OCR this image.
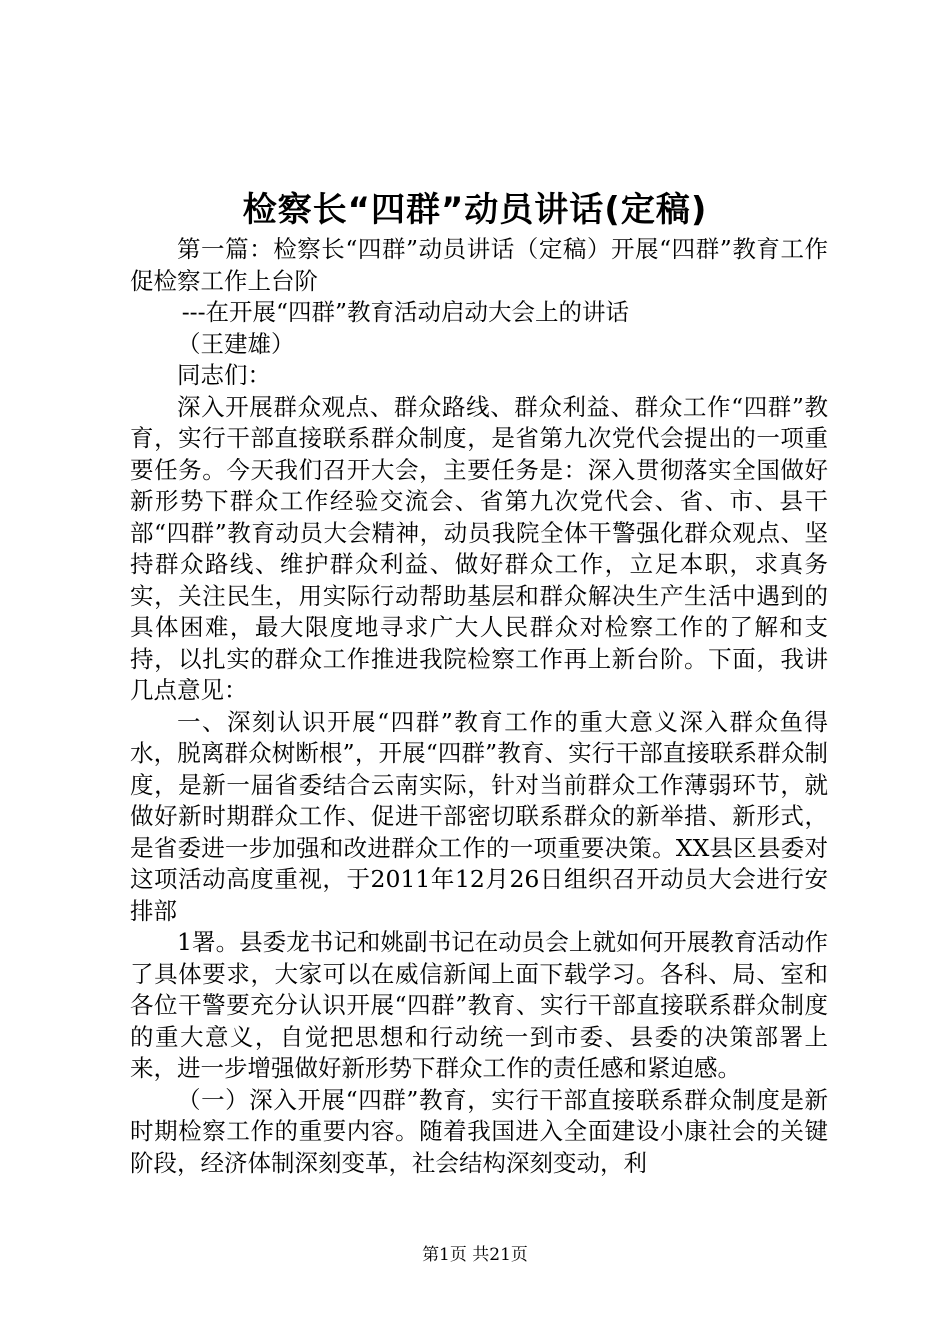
检察长“四群”动员讲话(定稿)

第一篇：检察长“四群”动员讲话（定稿）开展“四群”教育工作促检察工作上台阶

---在开展“四群”教育活动启动大会上的讲话

（王建雄）

同志们：

深入开展群众观点、群众路线、群众利益、群众工作“四群”教育，实行干部直接联系群众制度，是省第九次党代会提出的一项重要任务。今天我们召开大会，主要任务是：深入贯彻落实全国做好新形势下群众工作经验交流会、省第九次党代会、省、市、县干部“四群”教育动员大会精神，动员我院全体干警强化群众观点、坚持群众路线、维护群众利益、做好群众工作，立足本职，求真务实，关注民生，用实际行动帮助基层和群众解决生产生活中遇到的具体困难，最大限度地寻求广大人民群众对检察工作的了解和支持，以扎实的群众工作推进我院检察工作再上新台阶。下面，我讲几点意见：

一、深刻认识开展“四群”教育工作的重大意义深入群众鱼得水，脱离群众树断根”，开展“四群”教育、实行干部直接联系群众制度，是新一届省委结合云南实际，针对当前群众工作薄弱环节，就做好新时期群众工作、促进干部密切联系群众的新举措、新形式，是省委进一步加强和改进群众工作的一项重要决策。XX县区县委对这项活动高度重视，于2011年12月26日组织召开动员大会进行安排部

1署。县委龙书记和姚副书记在动员会上就如何开展教育活动作了具体要求，大家可以在威信新闻上面下载学习。各科、局、室和各位干警要充分认识开展“四群”教育、实行干部直接联系群众制度的重大意义，自觉把思想和行动统一到市委、县委的决策部署上来，进一步增强做好新形势下群众工作的责任感和紧迫感。

（一）深入开展“四群”教育，实行干部直接联系群众制度是新时期检察工作的重要内容。随着我国进入全面建设小康社会的关键阶段，经济体制深刻变革，社会结构深刻变动，利

第1页 共21页
